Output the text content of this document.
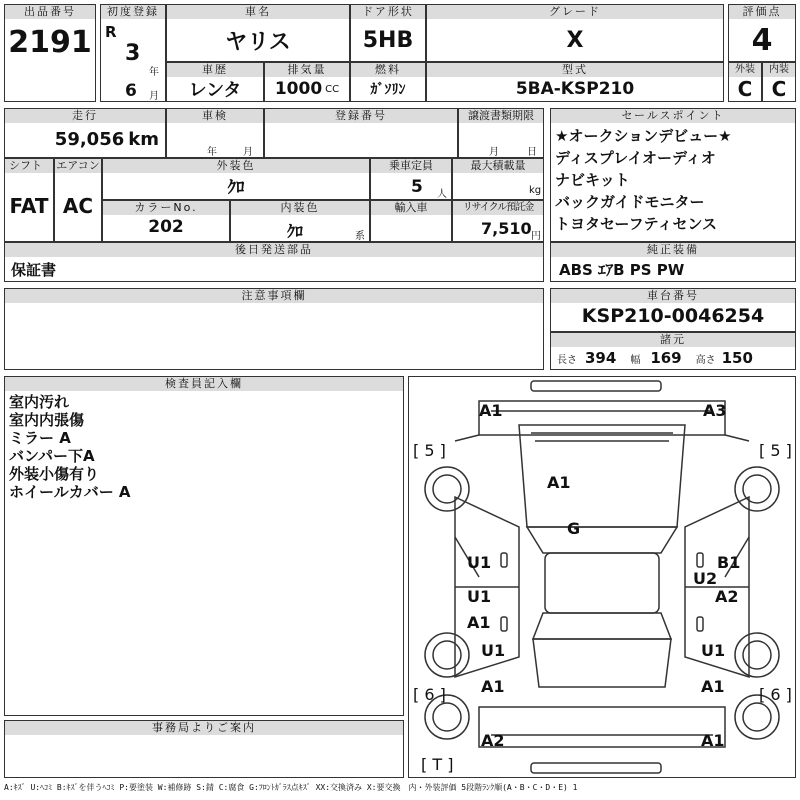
出品番号
2191
初度登録
R
3
年
6 月
車名
ヤリス
ドア形状
5HB
グレード
X
評価点
4
車歴
レンタ
排気量
1000 CC
燃料
ｶﾞｿﾘﾝ
型式
5BA-KSP210
外装
C
内装
C
走行
59,056 km
車検
年	月
登録番号	譲渡書類期限
月	日
シフト
FAT
エアコン
AC
外装色
ｸﾛ
乗車定員
5 人
最大積載量
kg
カラーNo.
202
内装色
ｸﾛ	系
輸入車	リサイクル預託金
7,510 円
後日発送部品
保証書
セールスポイント
★オークションデビュー★
ディスプレイオーディオ
ナビキット
バックガイドモニター
トヨタセーフティセンス
純正装備
ABS ｴｱB PS PW
注意事項欄	車台番号
KSP210-0046254
諸元
長さ 394 幅 169 高さ 150
検査員記入欄
室内汚れ
室内内張傷
ミラー A
バンパー下A
外装小傷有り
ホイールカバー A
事務局よりご案内
A1	A3
[ 5 ]	[ 5 ]
A1
G
U1	B1
U2
U1	A2
A1
U1	U1
A1	A1
[ 6 ]	[ 6 ]
A2	A1
[ T ]
A:ｷｽﾞ U:ﾍｺﾐ B:ｷｽﾞを伴うﾍｺﾐ P:要塗装 W:補修跡 S:錆 C:腐食 G:ﾌﾛﾝﾄｶﾞﾗｽ点ｷｽﾞ XX:交換済み X:要交換　内・外装評価 5段階ﾗﾝｸ順(A・B・C・D・E) 1
